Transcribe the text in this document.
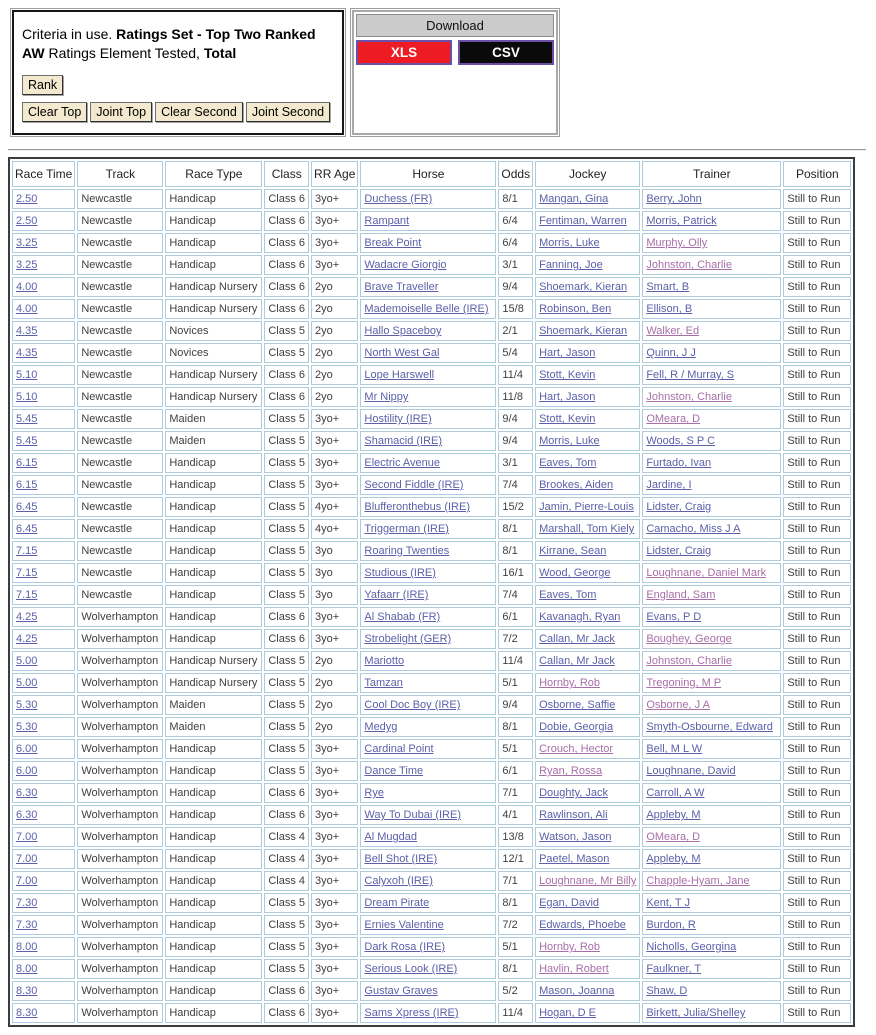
Criteria in use. Ratings Set - Top Two Ranked AW Ratings Element Tested, Total
Rank
Clear Top	Joint Top	Clear Second	Joint Second
Download
XLS	CSV
Race Time	Track	Race Type	Class	RR Age	Horse	Odds	Jockey	Trainer	Position
2.50	Newcastle	Handicap	Class 6	3yo+	Duchess (FR)	8/1	Mangan, Gina	Berry, John	Still to Run
2.50	Newcastle	Handicap	Class 6	3yo+	Rampant	6/4	Fentiman, Warren	Morris, Patrick	Still to Run
3.25	Newcastle	Handicap	Class 6	3yo+	Break Point	6/4	Morris, Luke	Murphy, Olly	Still to Run
3.25	Newcastle	Handicap	Class 6	3yo+	Wadacre Giorgio	3/1	Fanning, Joe	Johnston, Charlie	Still to Run
4.00	Newcastle	Handicap Nursery	Class 6	2yo	Brave Traveller	9/4	Shoemark, Kieran	Smart, B	Still to Run
4.00	Newcastle	Handicap Nursery	Class 6	2yo	Mademoiselle Belle (IRE)	15/8	Robinson, Ben	Ellison, B	Still to Run
4.35	Newcastle	Novices	Class 5	2yo	Hallo Spaceboy	2/1	Shoemark, Kieran	Walker, Ed	Still to Run
4.35	Newcastle	Novices	Class 5	2yo	North West Gal	5/4	Hart, Jason	Quinn, J J	Still to Run
5.10	Newcastle	Handicap Nursery	Class 6	2yo	Lope Harswell	11/4	Stott, Kevin	Fell, R / Murray, S	Still to Run
5.10	Newcastle	Handicap Nursery	Class 6	2yo	Mr Nippy	11/8	Hart, Jason	Johnston, Charlie	Still to Run
5.45	Newcastle	Maiden	Class 5	3yo+	Hostility (IRE)	9/4	Stott, Kevin	OMeara, D	Still to Run
5.45	Newcastle	Maiden	Class 5	3yo+	Shamacid (IRE)	9/4	Morris, Luke	Woods, S P C	Still to Run
6.15	Newcastle	Handicap	Class 5	3yo+	Electric Avenue	3/1	Eaves, Tom	Furtado, Ivan	Still to Run
6.15	Newcastle	Handicap	Class 5	3yo+	Second Fiddle (IRE)	7/4	Brookes, Aiden	Jardine, I	Still to Run
6.45	Newcastle	Handicap	Class 5	4yo+	Blufferonthebus (IRE)	15/2	Jamin, Pierre-Louis	Lidster, Craig	Still to Run
6.45	Newcastle	Handicap	Class 5	4yo+	Triggerman (IRE)	8/1	Marshall, Tom Kiely	Camacho, Miss J A	Still to Run
7.15	Newcastle	Handicap	Class 5	3yo	Roaring Twenties	8/1	Kirrane, Sean	Lidster, Craig	Still to Run
7.15	Newcastle	Handicap	Class 5	3yo	Studious (IRE)	16/1	Wood, George	Loughnane, Daniel Mark	Still to Run
7.15	Newcastle	Handicap	Class 5	3yo	Yafaarr (IRE)	7/4	Eaves, Tom	England, Sam	Still to Run
4.25	Wolverhampton	Handicap	Class 6	3yo+	Al Shabab (FR)	6/1	Kavanagh, Ryan	Evans, P D	Still to Run
4.25	Wolverhampton	Handicap	Class 6	3yo+	Strobelight (GER)	7/2	Callan, Mr Jack	Boughey, George	Still to Run
5.00	Wolverhampton	Handicap Nursery	Class 5	2yo	Mariotto	11/4	Callan, Mr Jack	Johnston, Charlie	Still to Run
5.00	Wolverhampton	Handicap Nursery	Class 5	2yo	Tamzan	5/1	Hornby, Rob	Tregoning, M P	Still to Run
5.30	Wolverhampton	Maiden	Class 5	2yo	Cool Doc Boy (IRE)	9/4	Osborne, Saffie	Osborne, J A	Still to Run
5.30	Wolverhampton	Maiden	Class 5	2yo	Medyg	8/1	Dobie, Georgia	Smyth-Osbourne, Edward	Still to Run
6.00	Wolverhampton	Handicap	Class 5	3yo+	Cardinal Point	5/1	Crouch, Hector	Bell, M L W	Still to Run
6.00	Wolverhampton	Handicap	Class 5	3yo+	Dance Time	6/1	Ryan, Rossa	Loughnane, David	Still to Run
6.30	Wolverhampton	Handicap	Class 6	3yo+	Rye	7/1	Doughty, Jack	Carroll, A W	Still to Run
6.30	Wolverhampton	Handicap	Class 6	3yo+	Way To Dubai (IRE)	4/1	Rawlinson, Ali	Appleby, M	Still to Run
7.00	Wolverhampton	Handicap	Class 4	3yo+	Al Mugdad	13/8	Watson, Jason	OMeara, D	Still to Run
7.00	Wolverhampton	Handicap	Class 4	3yo+	Bell Shot (IRE)	12/1	Paetel, Mason	Appleby, M	Still to Run
7.00	Wolverhampton	Handicap	Class 4	3yo+	Calyxoh (IRE)	7/1	Loughnane, Mr Billy	Chapple-Hyam, Jane	Still to Run
7.30	Wolverhampton	Handicap	Class 5	3yo+	Dream Pirate	8/1	Egan, David	Kent, T J	Still to Run
7.30	Wolverhampton	Handicap	Class 5	3yo+	Ernies Valentine	7/2	Edwards, Phoebe	Burdon, R	Still to Run
8.00	Wolverhampton	Handicap	Class 5	3yo+	Dark Rosa (IRE)	5/1	Hornby, Rob	Nicholls, Georgina	Still to Run
8.00	Wolverhampton	Handicap	Class 5	3yo+	Serious Look (IRE)	8/1	Havlin, Robert	Faulkner, T	Still to Run
8.30	Wolverhampton	Handicap	Class 6	3yo+	Gustav Graves	5/2	Mason, Joanna	Shaw, D	Still to Run
8.30	Wolverhampton	Handicap	Class 6	3yo+	Sams Xpress (IRE)	11/4	Hogan, D E	Birkett, Julia/Shelley	Still to Run
